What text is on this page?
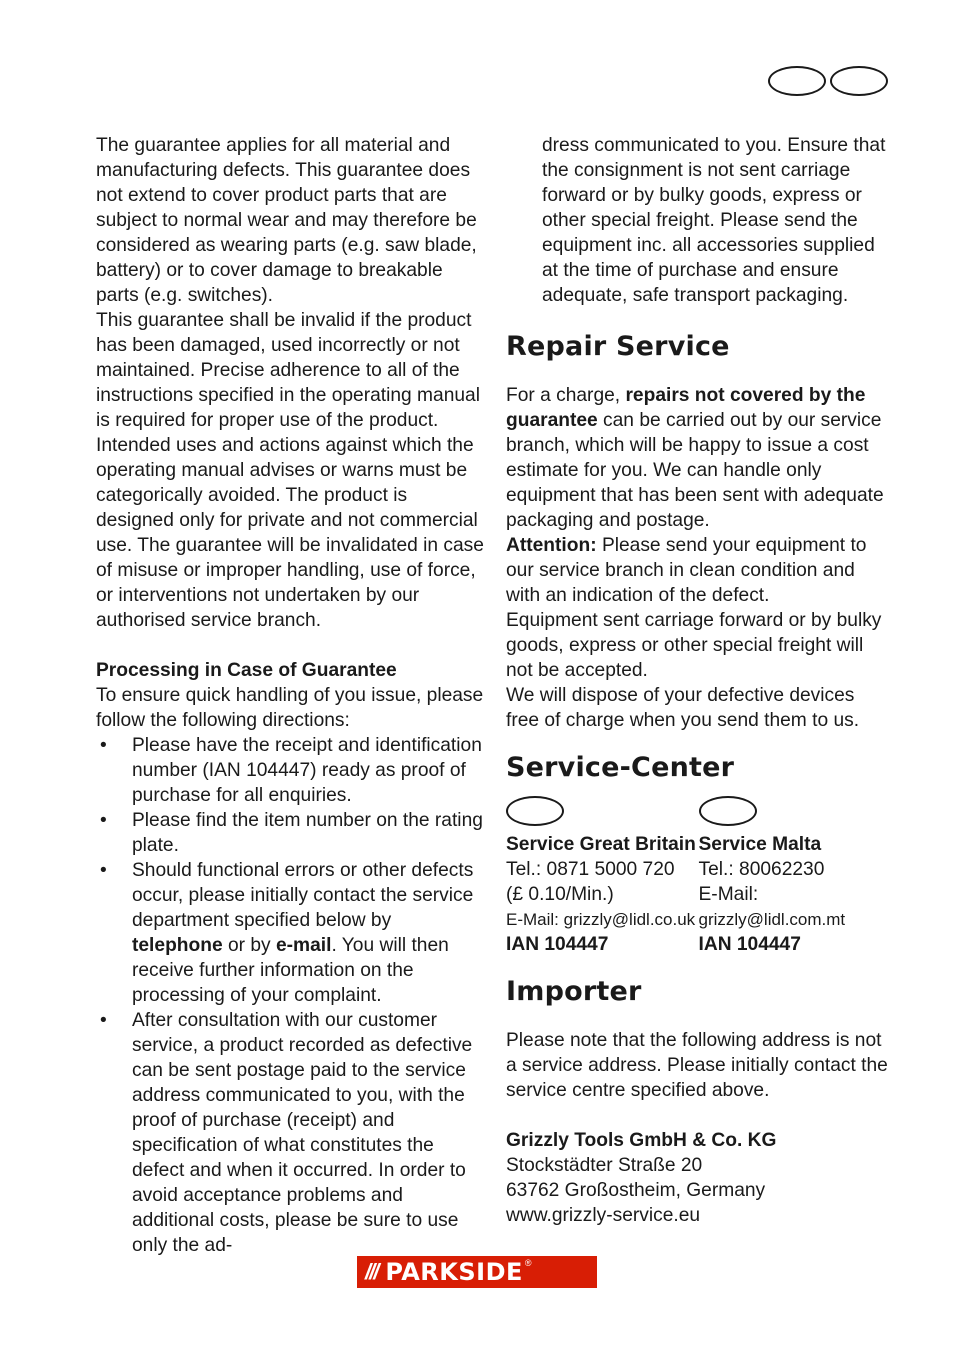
The guarantee applies for all material and manufacturing defects. This guarantee does not extend to cover product parts that are subject to normal wear and may therefore be considered as wearing parts (e.g. saw blade, battery) or to cover damage to breakable parts (e.g. switches).

This guarantee shall be invalid if the product has been damaged, used incorrectly or not maintained. Precise adherence to all of the instructions specified in the operating manual is required for proper use of the product. Intended uses and actions against which the operating manual advises or warns must be categorically avoided. The product is designed only for private and not commercial use. The guarantee will be invalidated in case of misuse or improper handling, use of force, or interventions not undertaken by our authorised service branch.

Processing in Case of Guarantee

To ensure quick handling of you issue, please follow the following directions:

• Please have the receipt and identification number (IAN 104447) ready as proof of purchase for all enquiries.
• Please find the item number on the rating plate.
• Should functional errors or other defects occur, please initially contact the service department specified below by telephone or by e-mail. You will then receive further information on the processing of your complaint.
• After consultation with our customer service, a product recorded as defective can be sent postage paid to the service address communicated to you, with the proof of purchase (receipt) and specification of what constitutes the defect and when it occurred. In order to avoid acceptance problems and additional costs, please be sure to use only the ad-

dress communicated to you. Ensure that the consignment is not sent carriage forward or by bulky goods, express or other special freight. Please send the equipment inc. all accessories supplied at the time of purchase and ensure adequate, safe transport packaging.

Repair Service

For a charge, repairs not covered by the guarantee can be carried out by our service branch, which will be happy to issue a cost estimate for you. We can handle only equipment that has been sent with adequate packaging and postage.

Attention: Please send your equipment to our service branch in clean condition and with an indication of the defect.

Equipment sent carriage forward or by bulky goods, express or other special freight will not be accepted.

We will dispose of your defective devices free of charge when you send them to us.

Service-Center

Service Great Britain

Tel.: 0871 5000 720

(£ 0.10/Min.)

E-Mail: grizzly@lidl.co.uk

IAN 104447

Service Malta

Tel.: 80062230

E-Mail:

grizzly@lidl.com.mt

IAN 104447

Importer

Please note that the following address is not a service address. Please initially contact the service centre specified above.

Grizzly Tools GmbH & Co. KG

Stockstädter Straße 20

63762 Großostheim, Germany

www.grizzly-service.eu

/// PARKSIDE ®
